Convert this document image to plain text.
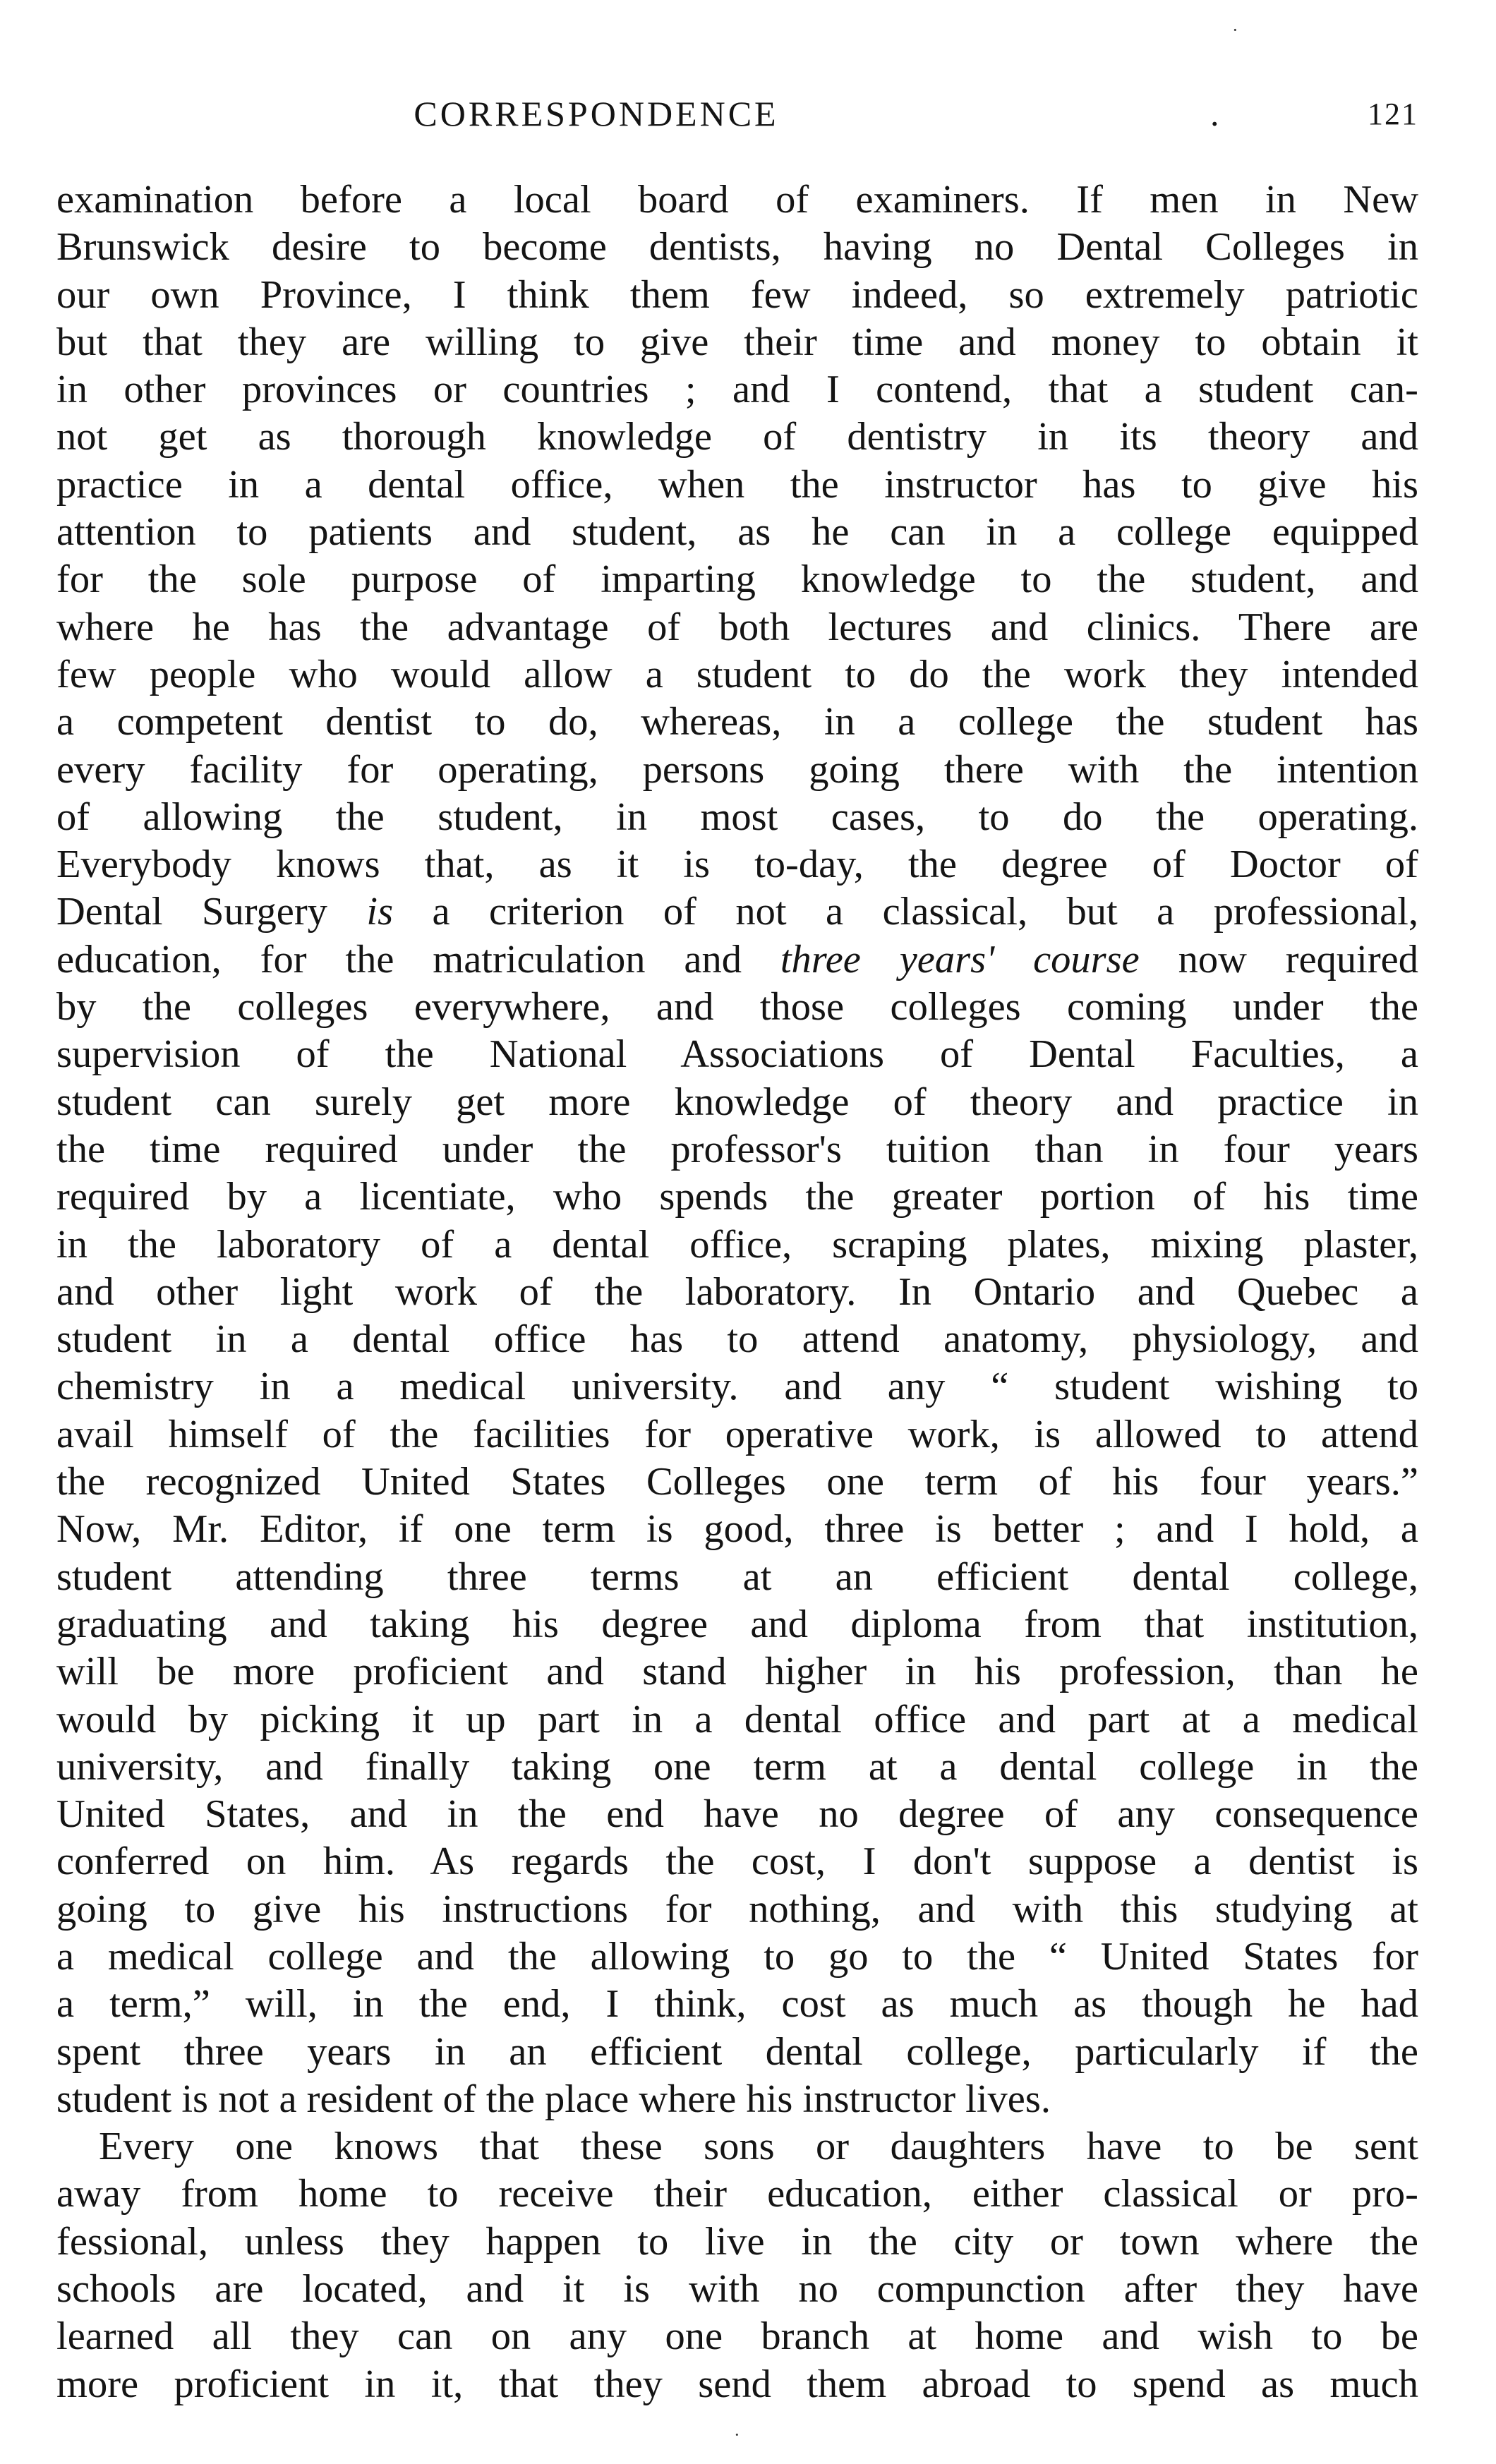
CORRESPONDENCE	.	121
examination before a local board of examiners. If men in New
Brunswick desire to become dentists, having no Dental Colleges in
our own Province, I think them few indeed, so extremely patriotic
but that they are willing to give their time and money to obtain it
in other provinces or countries ; and I contend, that a student can-
not get as thorough knowledge of dentistry in its theory and
practice in a dental office, when the instructor has to give his
attention to patients and student, as he can in a college equipped
for the sole purpose of imparting knowledge to the student, and
where he has the advantage of both lectures and clinics. There are
few people who would allow a student to do the work they intended
a competent dentist to do, whereas, in a college the student has
every facility for operating, persons going there with the intention
of allowing the student, in most cases, to do the operating.
Everybody knows that, as it is to-day, the degree of Doctor of
Dental Surgery is a criterion of not a classical, but a professional,
education, for the matriculation and three years' course now required
by the colleges everywhere, and those colleges coming under the
supervision of the National Associations of Dental Faculties, a
student can surely get more knowledge of theory and practice in
the time required under the professor's tuition than in four years
required by a licentiate, who spends the greater portion of his time
in the laboratory of a dental office, scraping plates, mixing plaster,
and other light work of the laboratory. In Ontario and Quebec a
student in a dental office has to attend anatomy, physiology, and
chemistry in a medical university. and any “ student wishing to
avail himself of the facilities for operative work, is allowed to attend
the recognized United States Colleges one term of his four years.”
Now, Mr. Editor, if one term is good, three is better ; and I hold, a
student attending three terms at an efficient dental college,
graduating and taking his degree and diploma from that institution,
will be more proficient and stand higher in his profession, than he
would by picking it up part in a dental office and part at a medical
university, and finally taking one term at a dental college in the
United States, and in the end have no degree of any consequence
conferred on him. As regards the cost, I don't suppose a dentist is
going to give his instructions for nothing, and with this studying at
a medical college and the allowing to go to the “ United States for
a term,” will, in the end, I think, cost as much as though he had
spent three years in an efficient dental college, particularly if the
student is not a resident of the place where his instructor lives.
Every one knows that these sons or daughters have to be sent
away from home to receive their education, either classical or pro-
fessional, unless they happen to live in the city or town where the
schools are located, and it is with no compunction after they have
learned all they can on any one branch at home and wish to be
more proficient in it, that they send them abroad to spend as much
·
·
